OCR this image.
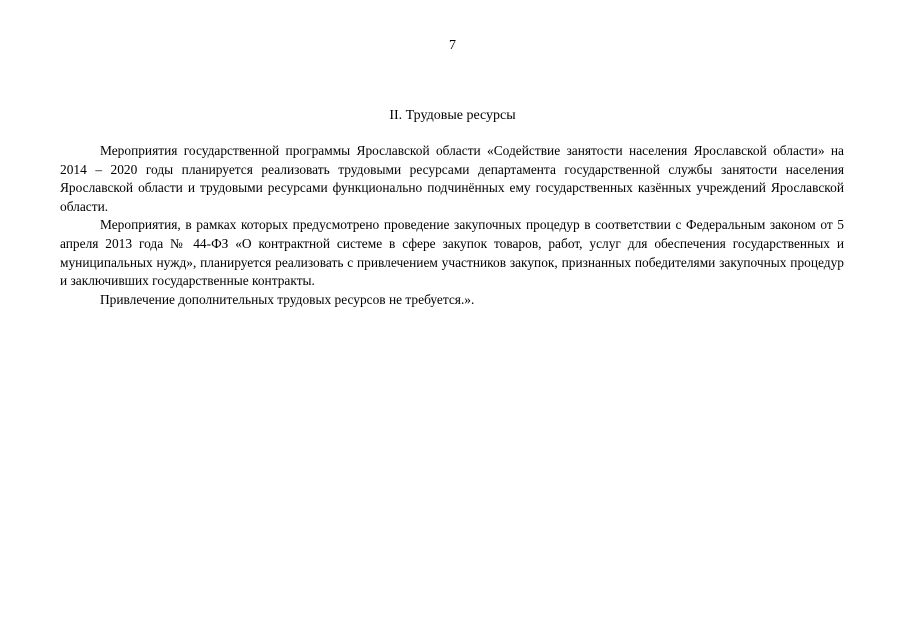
7
II. Трудовые ресурсы

Мероприятия государственной программы Ярославской области «Содействие занятости населения Ярославской области» на 2014 – 2020 годы планируется реализовать трудовыми ресурсами департамента государственной службы занятости населения Ярославской области и трудовыми ресурсами функционально подчинённых ему государственных казённых учреждений Ярославской области.

Мероприятия, в рамках которых предусмотрено проведение закупочных процедур в соответствии с Федеральным законом от 5 апреля 2013 года № 44-ФЗ «О контрактной системе в сфере закупок товаров, работ, услуг для обеспечения государственных и муниципальных нужд», планируется реализовать с привлечением участников закупок, признанных победителями закупочных процедур и заключивших государственные контракты.

Привлечение дополнительных трудовых ресурсов не требуется.».
